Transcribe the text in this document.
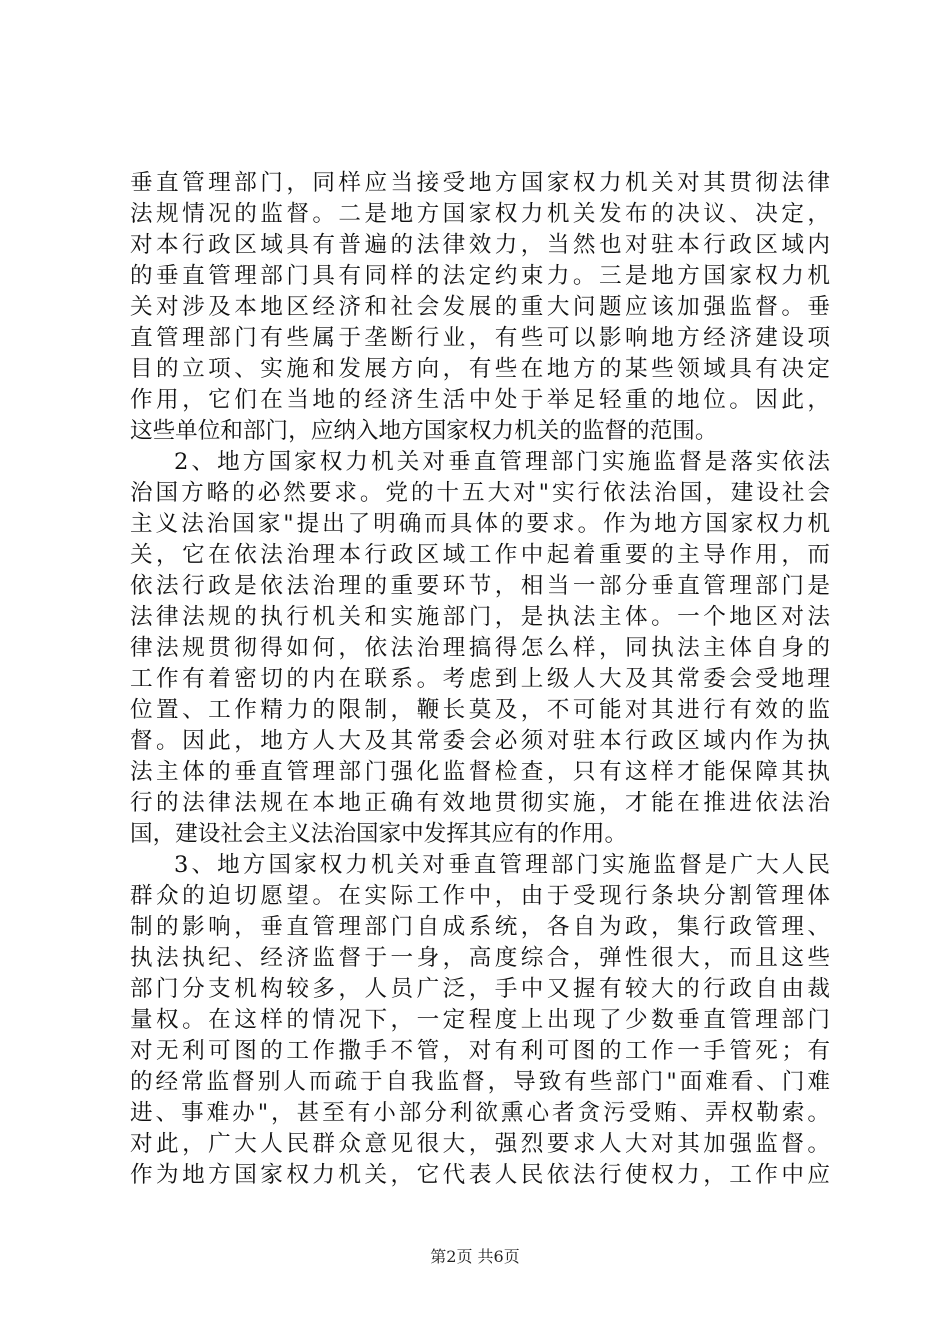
垂直管理部门，同样应当接受地方国家权力机关对其贯彻法律
法规情况的监督。二是地方国家权力机关发布的决议、决定，
对本行政区域具有普遍的法律效力，当然也对驻本行政区域内
的垂直管理部门具有同样的法定约束力。三是地方国家权力机
关对涉及本地区经济和社会发展的重大问题应该加强监督。垂
直管理部门有些属于垄断行业，有些可以影响地方经济建设项
目的立项、实施和发展方向，有些在地方的某些领域具有决定
作用，它们在当地的经济生活中处于举足轻重的地位。因此，
这些单位和部门，应纳入地方国家权力机关的监督的范围。
2、地方国家权力机关对垂直管理部门实施监督是落实依法
治国方略的必然要求。党的十五大对"实行依法治国，建设社会
主义法治国家"提出了明确而具体的要求。作为地方国家权力机
关，它在依法治理本行政区域工作中起着重要的主导作用，而
依法行政是依法治理的重要环节，相当一部分垂直管理部门是
法律法规的执行机关和实施部门，是执法主体。一个地区对法
律法规贯彻得如何，依法治理搞得怎么样，同执法主体自身的
工作有着密切的内在联系。考虑到上级人大及其常委会受地理
位置、工作精力的限制，鞭长莫及，不可能对其进行有效的监
督。因此，地方人大及其常委会必须对驻本行政区域内作为执
法主体的垂直管理部门强化监督检查，只有这样才能保障其执
行的法律法规在本地正确有效地贯彻实施，才能在推进依法治
国，建设社会主义法治国家中发挥其应有的作用。
3、地方国家权力机关对垂直管理部门实施监督是广大人民
群众的迫切愿望。在实际工作中，由于受现行条块分割管理体
制的影响，垂直管理部门自成系统，各自为政，集行政管理、
执法执纪、经济监督于一身，高度综合，弹性很大，而且这些
部门分支机构较多，人员广泛，手中又握有较大的行政自由裁
量权。在这样的情况下，一定程度上出现了少数垂直管理部门
对无利可图的工作撒手不管，对有利可图的工作一手管死；有
的经常监督别人而疏于自我监督，导致有些部门"面难看、门难
进、事难办"，甚至有小部分利欲熏心者贪污受贿、弄权勒索。
对此，广大人民群众意见很大，强烈要求人大对其加强监督。
作为地方国家权力机关，它代表人民依法行使权力，工作中应
第2页 共6页
